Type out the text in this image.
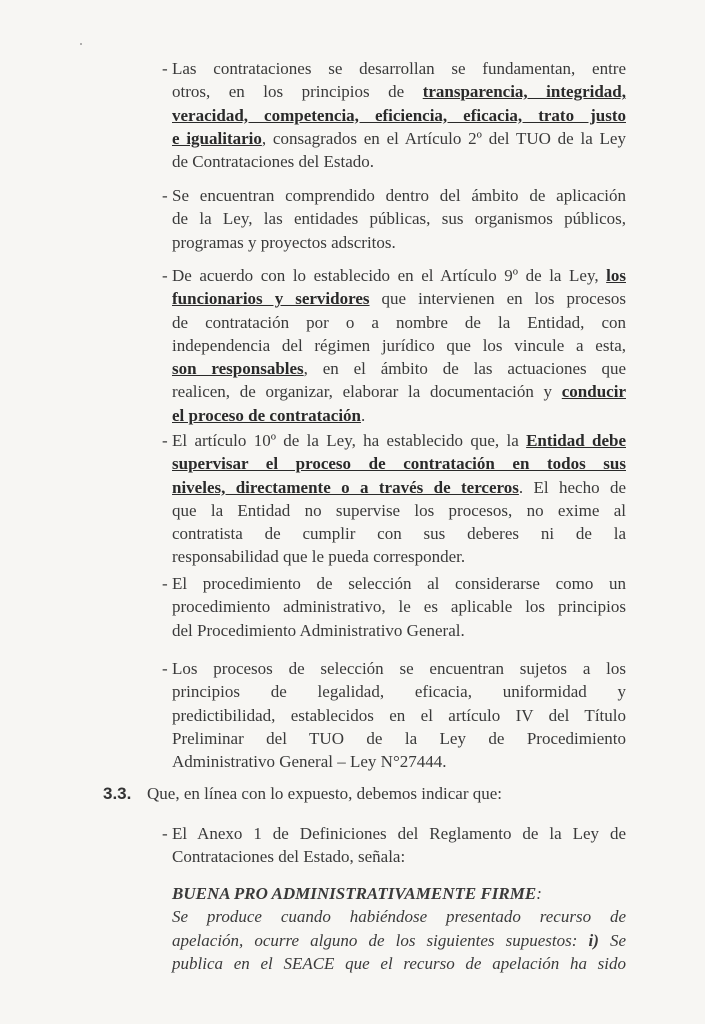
- Las contrataciones se desarrollan se fundamentan, entre
otros, en los principios de transparencia, integridad,
veracidad, competencia, eficiencia, eficacia, trato justo
e igualitario, consagrados en el Artículo 2º del TUO de la Ley
de Contrataciones del Estado.
- Se encuentran comprendido dentro del ámbito de aplicación
de la Ley, las entidades públicas, sus organismos públicos,
programas y proyectos adscritos.
- De acuerdo con lo establecido en el Artículo 9º de la Ley, los
funcionarios y servidores que intervienen en los procesos
de contratación por o a nombre de la Entidad, con
independencia del régimen jurídico que los vincule a esta,
son responsables, en el ámbito de las actuaciones que
realicen, de organizar, elaborar la documentación y conducir
el proceso de contratación.
- El artículo 10º de la Ley, ha establecido que, la Entidad debe
supervisar el proceso de contratación en todos sus
niveles, directamente o a través de terceros. El hecho de
que la Entidad no supervise los procesos, no exime al
contratista de cumplir con sus deberes ni de la
responsabilidad que le pueda corresponder.
- El procedimiento de selección al considerarse como un
procedimiento administrativo, le es aplicable los principios
del Procedimiento Administrativo General.
- Los procesos de selección se encuentran sujetos a los
principios de legalidad, eficacia, uniformidad y
predictibilidad, establecidos en el artículo IV del Título
Preliminar del TUO de la Ley de Procedimiento
Administrativo General – Ley N°27444.
3.3. Que, en línea con lo expuesto, debemos indicar que:
- El Anexo 1 de Definiciones del Reglamento de la Ley de
Contrataciones del Estado, señala:
BUENA PRO ADMINISTRATIVAMENTE FIRME:
Se produce cuando habiéndose presentado recurso de
apelación, ocurre alguno de los siguientes supuestos: i) Se
publica en el SEACE que el recurso de apelación ha sido
